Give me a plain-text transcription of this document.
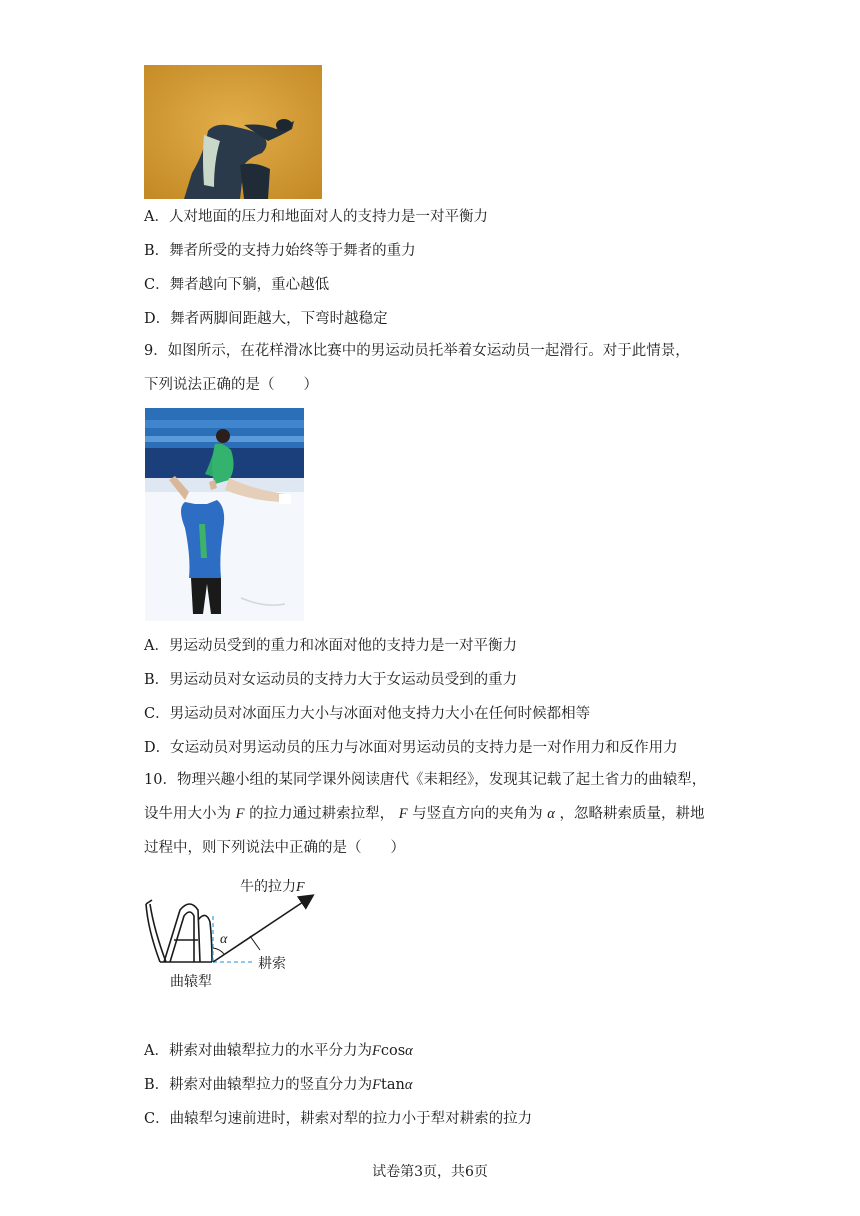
A．人对地面的压力和地面对人的支持力是一对平衡力
B．舞者所受的支持力始终等于舞者的重力
C．舞者越向下躺，重心越低
D．舞者两脚间距越大，下弯时越稳定
9．如图所示，在花样滑冰比赛中的男运动员托举着女运动员一起滑行。对于此情景，
下列说法正确的是（　　）
A．男运动员受到的重力和冰面对他的支持力是一对平衡力
B．男运动员对女运动员的支持力大于女运动员受到的重力
C．男运动员对冰面压力大小与冰面对他支持力大小在任何时候都相等
D．女运动员对男运动员的压力与冰面对男运动员的支持力是一对作用力和反作用力
10．物理兴趣小组的某同学课外阅读唐代《耒耜经》，发现其记载了起土省力的曲辕犁，
设牛用大小为 F 的拉力通过耕索拉犁， F 与竖直方向的夹角为 α ，忽略耕索质量，耕地
过程中，则下列说法中正确的是（　　）
牛的拉力F
α
耕索
曲辕犁
A．耕索对曲辕犁拉力的水平分力为Fcosα
B．耕索对曲辕犁拉力的竖直分力为Ftanα
C．曲辕犁匀速前进时，耕索对犁的拉力小于犁对耕索的拉力
试卷第3页，共6页
